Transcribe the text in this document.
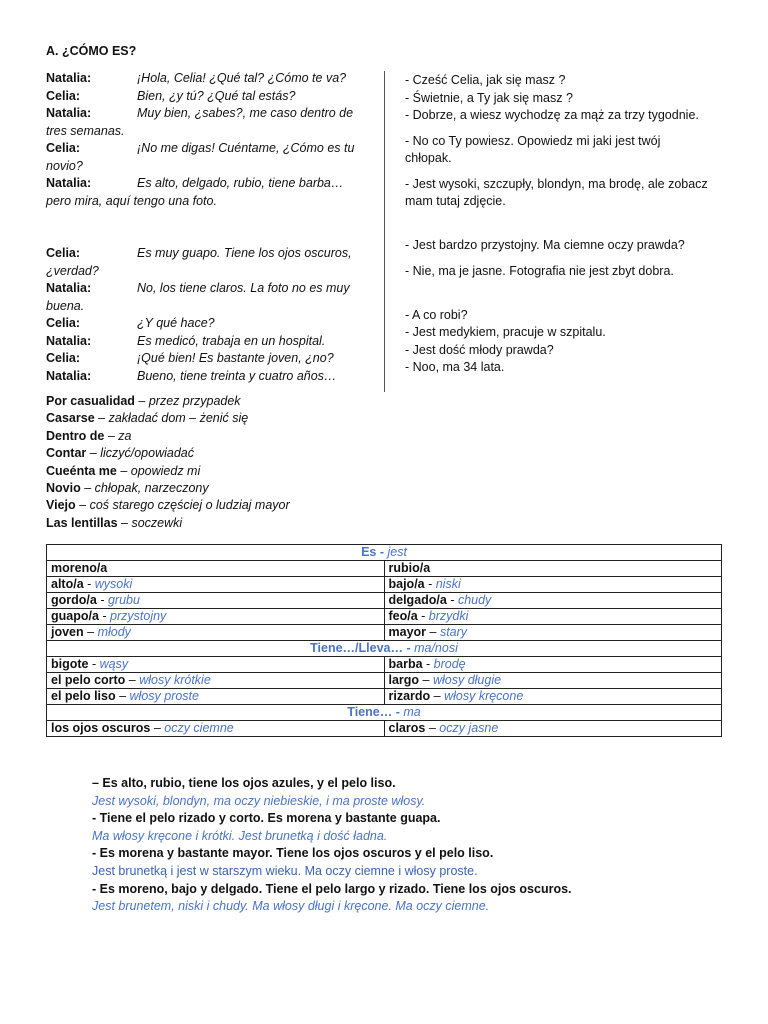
A. ¿CÓMO ES?
Natalia:	¡Hola, Celia! ¿Qué tal? ¿Cómo te va?
Celia:	Bien, ¿y tú? ¿Qué tal estás?
Natalia:	Muy bien, ¿sabes?, me caso dentro de
tres semanas.
Celia:	¡No me digas! Cuéntame, ¿Cómo es tu
novio?
Natalia:	Es alto, delgado, rubio, tiene barba…
pero mira, aquí tengo una foto.
Celia:	Es muy guapo. Tiene los ojos oscuros,
¿verdad?
Natalia:	No, los tiene claros. La foto no es muy
buena.
Celia:	¿Y qué hace?
Natalia:	Es medicó, trabaja en un hospital.
Celia:	¡Qué bien! Es bastante joven, ¿no?
Natalia:	Bueno, tiene treinta y cuatro años…

- Cześć Celia, jak się masz ?

- Świetnie, a Ty jak się masz ?

- Dobrze, a wiesz wychodzę za mąż za trzy tygodnie.

- No co Ty powiesz. Opowiedz mi jaki jest twój

chłopak.

- Jest wysoki, szczupły, blondyn, ma brodę, ale zobacz

mam tutaj zdjęcie.

- Jest bardzo przystojny. Ma ciemne oczy prawda?

- Nie, ma je jasne. Fotografia nie jest zbyt dobra.

- A co robi?

- Jest medykiem, pracuje w szpitalu.

- Jest dość młody prawda?

- Noo, ma 34 lata.

Por casualidad – przez przypadek
Casarse – zakładać dom – żenić się
Dentro de – za
Contar – liczyć/opowiadać
Cueénta me – opowiedz mi
Novio – chłopak, narzeczony
Viejo – coś starego częściej o ludziaj mayor
Las lentillas – soczewki
Es - jest	
moreno/a	rubio/a
alto/a - wysoki	bajo/a - niski
gordo/a - grubu	delgado/a - chudy
guapo/a - przystojny	feo/a - brzydki
joven – młody	mayor – stary
Tiene…/Lleva… - ma/nosi	
bigote - wąsy	barba - brodę
el pelo corto – włosy krótkie	largo – włosy długie
el pelo liso – włosy proste	rizardo – włosy kręcone
Tiene… - ma	
los ojos oscuros – oczy ciemne	claros – oczy jasne
– Es alto, rubio, tiene los ojos azules, y el pelo liso.
Jest wysoki, blondyn, ma oczy niebieskie, i ma proste włosy.
- Tiene el pelo rizado y corto. Es morena y bastante guapa.
Ma włosy kręcone i krótki. Jest brunetką i dość ładna.
- Es morena y bastante mayor. Tiene los ojos oscuros y el pelo liso.
Jest brunetką i jest w starszym wieku. Ma oczy ciemne i włosy proste.
- Es moreno, bajo y delgado. Tiene el pelo largo y rizado. Tiene los ojos oscuros.
Jest brunetem, niski i chudy. Ma włosy długi i kręcone. Ma oczy ciemne.
